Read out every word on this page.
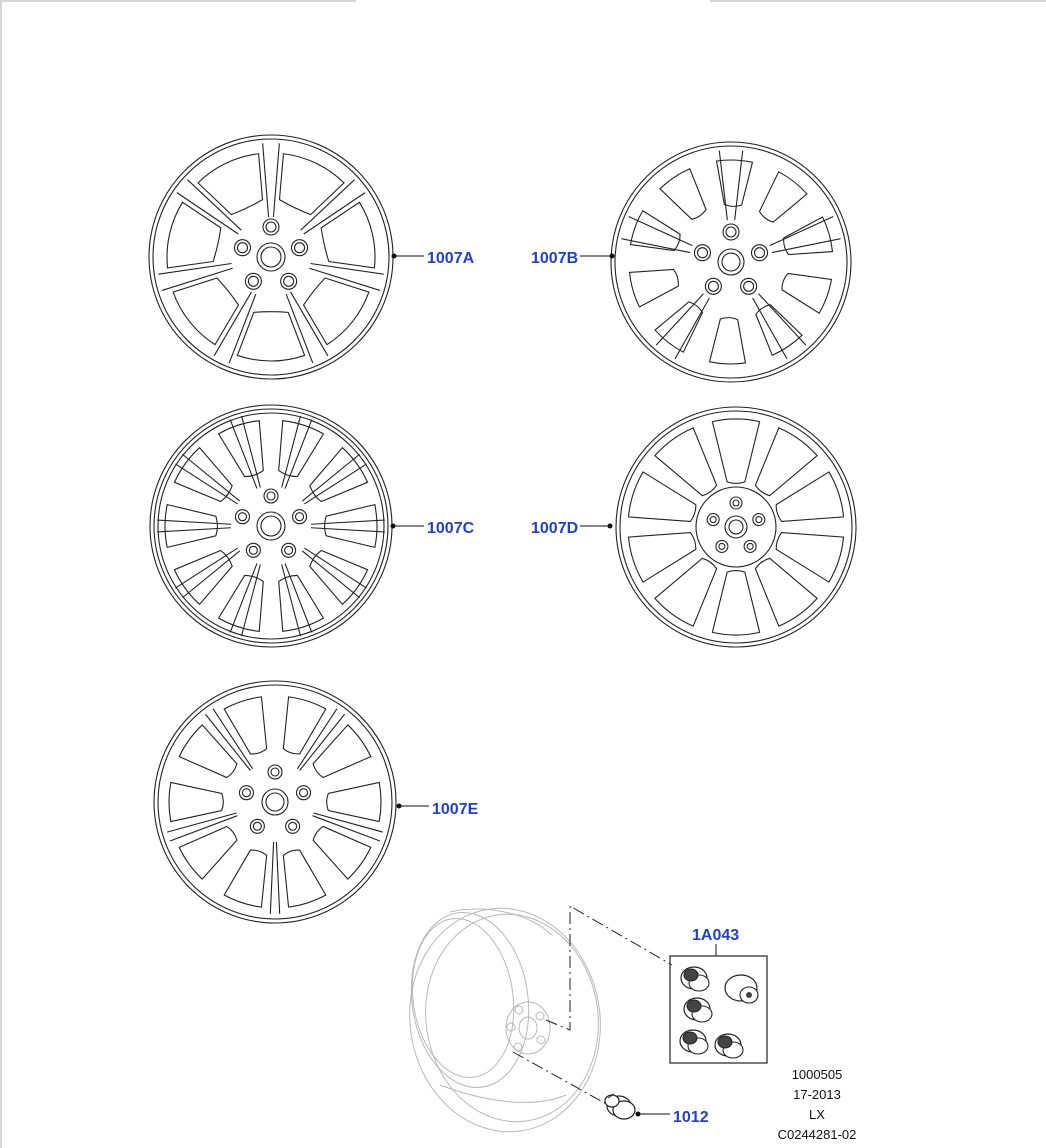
1007A	1007B
1007C	1007D
1007E
1A043
1012
1000505
17-2013
LX
C0244281-02
